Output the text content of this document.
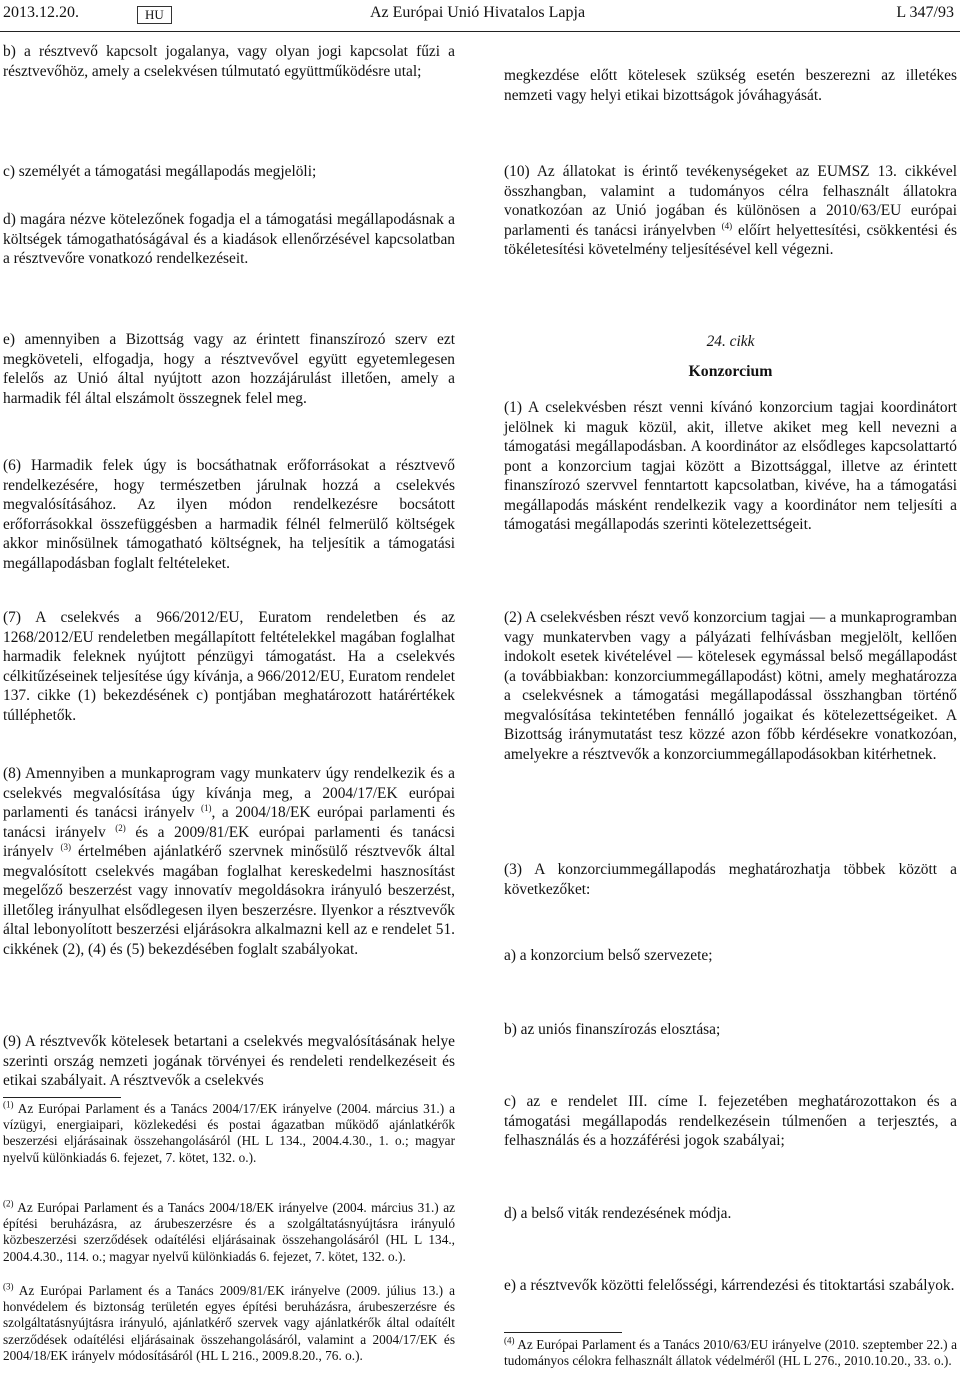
2013.12.20.	HU	Az Európai Unió Hivatalos Lapja	L 347/93

b) a résztvevő kapcsolt jogalanya, vagy olyan jogi kapcsolat fűzi a résztvevőhöz, amely a cselekvésen túlmutató együttműködésre utal;

c) személyét a támogatási megállapodás megjelöli;

d) magára nézve kötelezőnek fogadja el a támogatási megállapodásnak a költségek támogathatóságával és a kiadások ellenőrzésével kapcsolatban a résztvevőre vonatkozó rendelkezéseit.

e) amennyiben a Bizottság vagy az érintett finanszírozó szerv ezt megköveteli, elfogadja, hogy a résztvevővel együtt egyetemlegesen felelős az Unió által nyújtott azon hozzájárulást illetően, amely a harmadik fél által elszámolt összegnek felel meg.

(6) Harmadik felek úgy is bocsáthatnak erőforrásokat a résztvevő rendelkezésére, hogy természetben járulnak hozzá a cselekvés megvalósításához. Az ilyen módon rendelkezésre bocsátott erőforrásokkal összefüggésben a harmadik félnél felmerülő költségek akkor minősülnek támogatható költségnek, ha teljesítik a támogatási megállapodásban foglalt feltételeket.

(7) A cselekvés a 966/2012/EU, Euratom rendeletben és az 1268/2012/EU rendeletben megállapított feltételekkel magában foglalhat harmadik feleknek nyújtott pénzügyi támogatást. Ha a cselekvés célkitűzéseinek teljesítése úgy kívánja, a 966/2012/EU, Euratom rendelet 137. cikke (1) bekezdésének c) pontjában meghatározott határértékek túlléphetők.

(8) Amennyiben a munkaprogram vagy munkaterv úgy rendelkezik és a cselekvés megvalósítása úgy kívánja meg, a 2004/17/EK európai parlamenti és tanácsi irányelv $^{(1)}$, a 2004/18/EK európai parlamenti és tanácsi irányelv $^{(2)}$ és a 2009/81/EK európai parlamenti és tanácsi irányelv $^{(3)}$ értelmében ajánlatkérő szervnek minősülő résztvevők által megvalósított cselekvés magában foglalhat kereskedelmi hasznosítást megelőző beszerzést vagy innovatív megoldásokra irányuló beszerzést, illetőleg irányulhat elsődlegesen ilyen beszerzésre. Ilyenkor a résztvevők által lebonyolított beszerzési eljárásokra alkalmazni kell az e rendelet 51. cikkének (2), (4) és (5) bekezdésében foglalt szabályokat.

(9) A résztvevők kötelesek betartani a cselekvés megvalósításának helye szerinti ország nemzeti jogának törvényei és rendeleti rendelkezéseit és etikai szabályait. A résztvevők a cselekvés

$^{(1)}$ Az Európai Parlament és a Tanács 2004/17/EK irányelve (2004. március 31.) a vízügyi, energiaipari, közlekedési és postai ágazatban működő ajánlatkérők beszerzési eljárásainak összehangolásáról (HL L 134., 2004.4.30., 1. o.; magyar nyelvű különkiadás 6. fejezet, 7. kötet, 132. o.).

$^{(2)}$ Az Európai Parlament és a Tanács 2004/18/EK irányelve (2004. március 31.) az építési beruházásra, az árubeszerzésre és a szolgáltatásnyújtásra irányuló közbeszerzési szerződések odaítélési eljárásainak összehangolásáról (HL L 134., 2004.4.30., 114. o.; magyar nyelvű különkiadás 6. fejezet, 7. kötet, 132. o.).

$^{(3)}$ Az Európai Parlament és a Tanács 2009/81/EK irányelve (2009. július 13.) a honvédelem és biztonság területén egyes építési beruházásra, árubeszerzésre és szolgáltatásnyújtásra irányuló, ajánlatkérő szervek vagy ajánlatkérők által odaítélt szerződések odaítélési eljárásainak összehangolásáról, valamint a 2004/17/EK és 2004/18/EK irányelv módosításáról (HL L 216., 2009.8.20., 76. o.).

megkezdése előtt kötelesek szükség esetén beszerezni az illetékes nemzeti vagy helyi etikai bizottságok jóváhagyását.

(10) Az állatokat is érintő tevékenységeket az EUMSZ 13. cikkével összhangban, valamint a tudományos célra felhasznált állatokra vonatkozóan az Unió jogában és különösen a 2010/63/EU európai parlamenti és tanácsi irányelvben $^{(4)}$ előírt helyettesítési, csökkentési és tökéletesítési követelmény teljesítésével kell végezni.

24. cikk
Konzorcium

(1) A cselekvésben részt venni kívánó konzorcium tagjai koordinátort jelölnek ki maguk közül, akit, illetve akiket meg kell nevezni a támogatási megállapodásban. A koordinátor az elsődleges kapcsolattartó pont a konzorcium tagjai között a Bizottsággal, illetve az érintett finanszírozó szervvel fenntartott kapcsolatban, kivéve, ha a támogatási megállapodás másként rendelkezik vagy a koordinátor nem teljesíti a támogatási megállapodás szerinti kötelezettségeit.

(2) A cselekvésben részt vevő konzorcium tagjai — a munkaprogramban vagy munkatervben vagy a pályázati felhívásban megjelölt, kellően indokolt esetek kivételével — kötelesek egymással belső megállapodást (a továbbiakban: konzorciummegállapodást) kötni, amely meghatározza a cselekvésnek a támogatási megállapodással összhangban történő megvalósítása tekintetében fennálló jogaikat és kötelezettségeiket. A Bizottság iránymutatást tesz közzé azon főbb kérdésekre vonatkozóan, amelyekre a résztvevők a konzorciummegállapodásokban kitérhetnek.

(3) A konzorciummegállapodás meghatározhatja többek között a következőket:

a) a konzorcium belső szervezete;
b) az uniós finanszírozás elosztása;

c) az e rendelet III. címe I. fejezetében meghatározottakon és a támogatási megállapodás rendelkezésein túlmenően a terjesztés, a felhasználás és a hozzáférési jogok szabályai;

d) a belső viták rendezésének módja.

e) a résztvevők közötti felelősségi, kárrendezési és titoktartási szabályok.

$^{(4)}$ Az Európai Parlament és a Tanács 2010/63/EU irányelve (2010. szeptember 22.) a tudományos célokra felhasznált állatok védelméről (HL L 276., 2010.10.20., 33. o.).
